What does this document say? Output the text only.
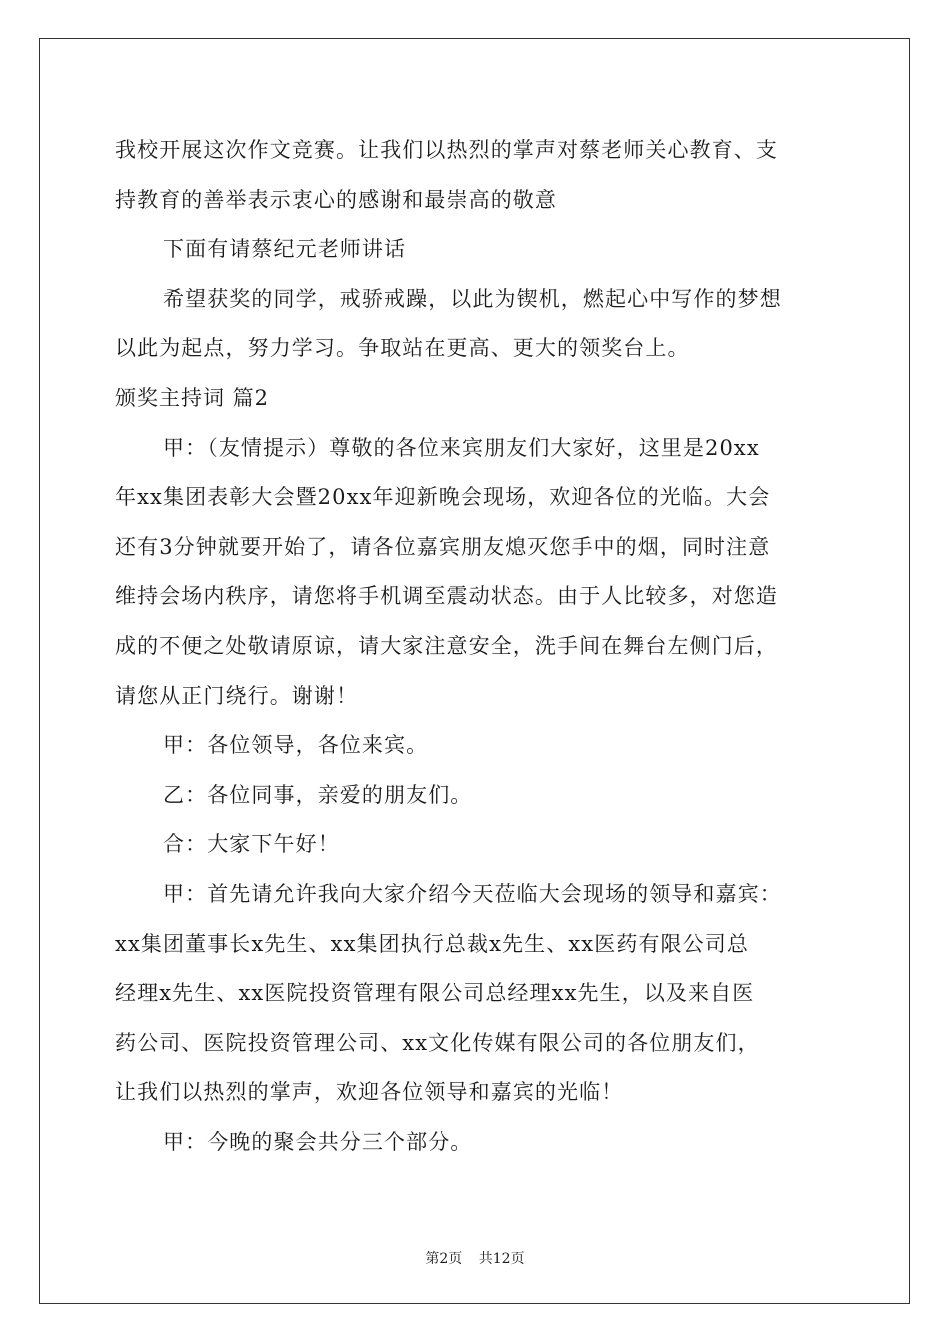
我校开展这次作文竞赛。让我们以热烈的掌声对蔡老师关心教育、支
持教育的善举表示衷心的感谢和最崇高的敬意
下面有请蔡纪元老师讲话
希望获奖的同学，戒骄戒躁，以此为锲机，燃起心中写作的梦想
以此为起点，努力学习。争取站在更高、更大的领奖台上。
颁奖主持词 篇2
甲：（友情提示）尊敬的各位来宾朋友们大家好，这里是20xx
年xx集团表彰大会暨20xx年迎新晚会现场，欢迎各位的光临。大会
还有3分钟就要开始了，请各位嘉宾朋友熄灭您手中的烟，同时注意
维持会场内秩序，请您将手机调至震动状态。由于人比较多，对您造
成的不便之处敬请原谅，请大家注意安全，洗手间在舞台左侧门后，
请您从正门绕行。谢谢！
甲：各位领导，各位来宾。
乙：各位同事，亲爱的朋友们。
合：大家下午好！
甲：首先请允许我向大家介绍今天莅临大会现场的领导和嘉宾：
xx集团董事长x先生、xx集团执行总裁x先生、xx医药有限公司总
经理x先生、xx医院投资管理有限公司总经理xx先生，以及来自医
药公司、医院投资管理公司、xx文化传媒有限公司的各位朋友们，
让我们以热烈的掌声，欢迎各位领导和嘉宾的光临！
甲：今晚的聚会共分三个部分。
第2页 共12页
